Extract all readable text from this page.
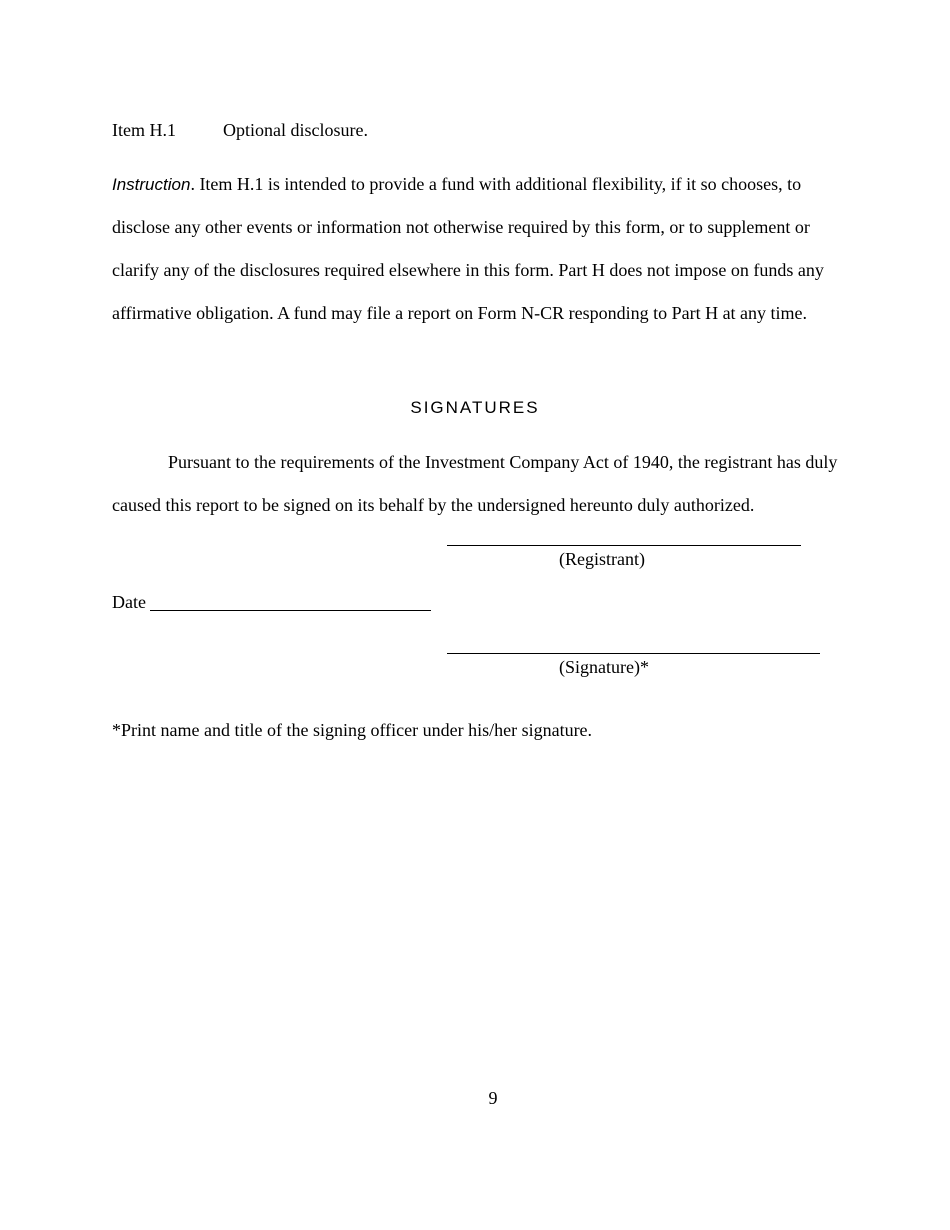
Item H.1	Optional disclosure.
Instruction. Item H.1 is intended to provide a fund with additional flexibility, if it so chooses, to disclose any other events or information not otherwise required by this form, or to supplement or clarify any of the disclosures required elsewhere in this form. Part H does not impose on funds any affirmative obligation. A fund may file a report on Form N-CR responding to Part H at any time.
SIGNATURES
Pursuant to the requirements of the Investment Company Act of 1940, the registrant has duly caused this report to be signed on its behalf by the undersigned hereunto duly authorized.
(Registrant)
Date
(Signature)*
*Print name and title of the signing officer under his/her signature.
9
